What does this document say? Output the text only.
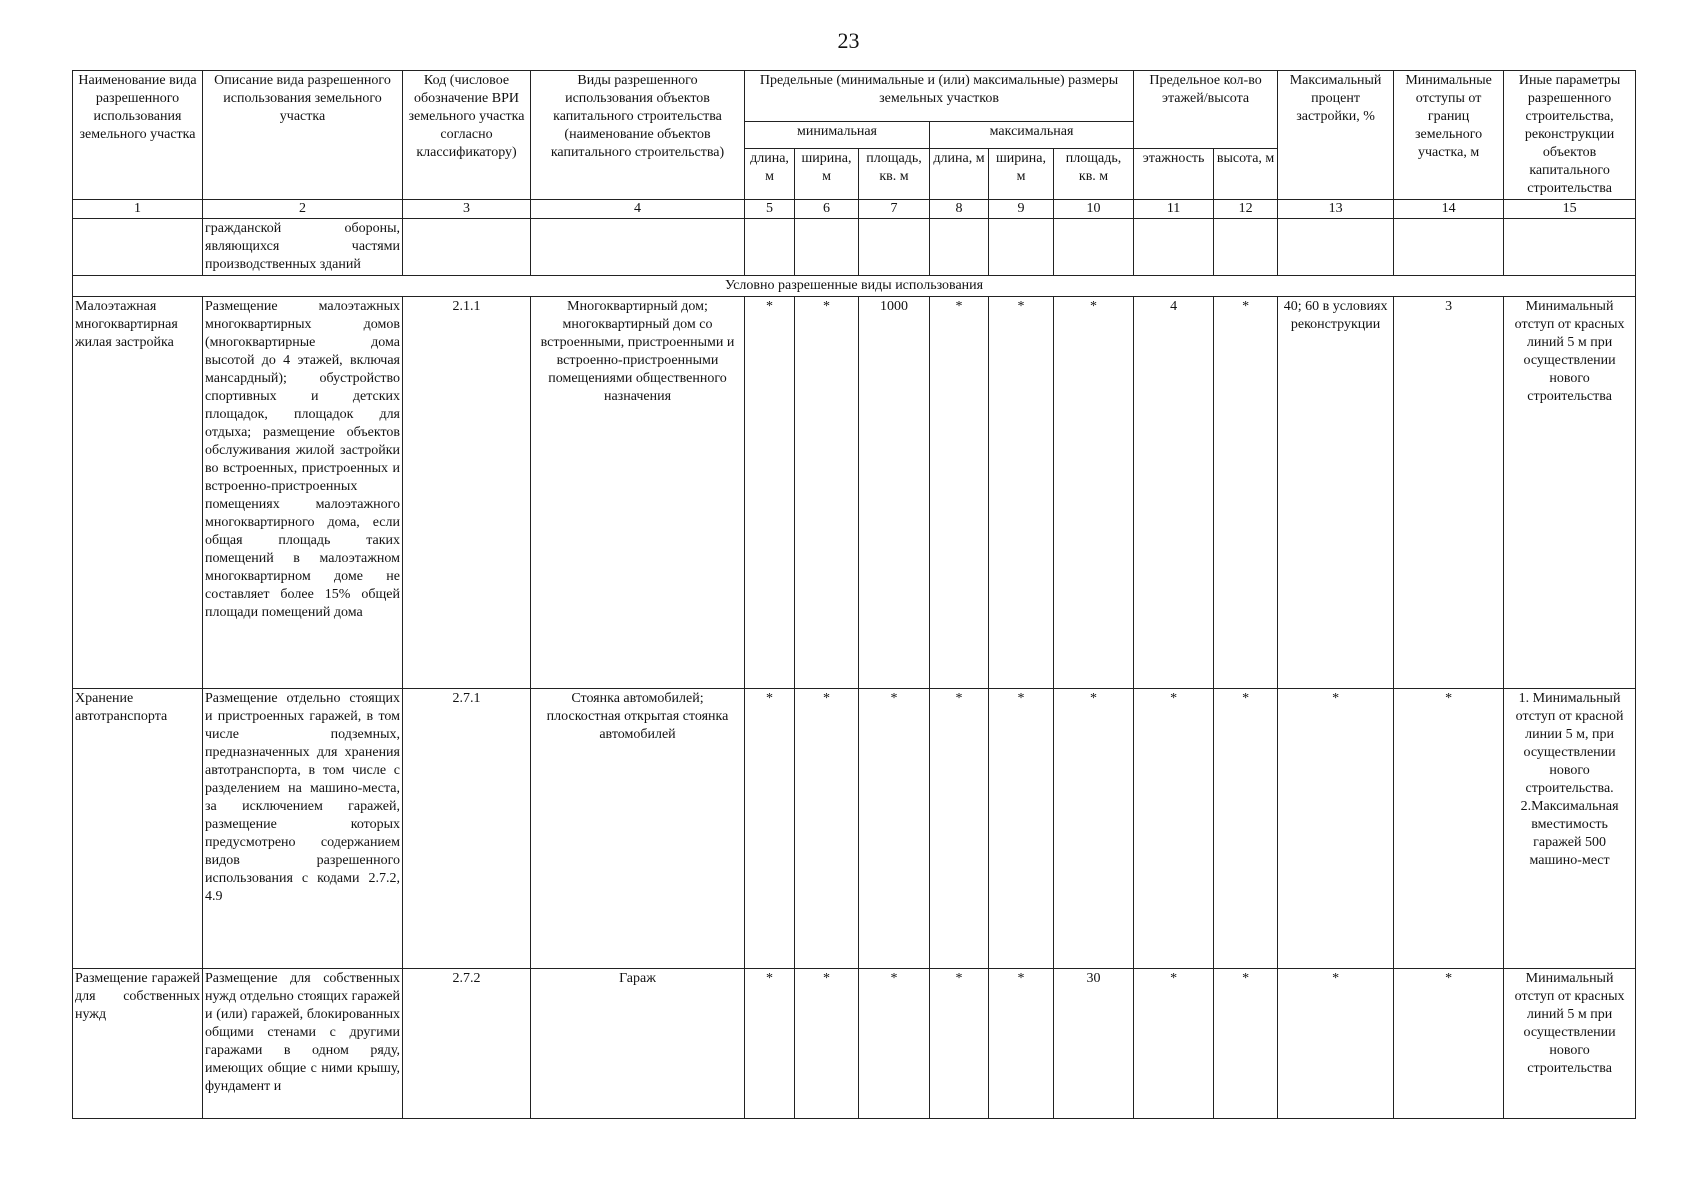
23
Наименование вида разрешенного использования земельного участка	Описание вида разрешенного использования земельного участка	Код (числовое обозначение ВРИ земельного участка согласно классификатору)	Виды разрешенного использования объектов капитального строительства (наименование объектов капитального строительства)	Предельные (минимальные и (или) максимальные) размеры земельных участков						Предельное кол-во этажей/высота		Максимальный процент застройки, %	Минимальные отступы от границ земельного участка, м	Иные параметры разрешенного строительства, реконструкции объектов капитального строительства
				минимальная			максимальная							
				длина, м	ширина, м	площадь, кв. м	длина, м	ширина, м	площадь, кв. м	этажность	высота, м			
1	2	3	4	5	6	7	8	9	10	11	12	13	14	15
	гражданской обороны, являющихся частями производственных зданий													
Условно разрешенные виды использования														
Малоэтажная многоквартирная жилая застройка	Размещение малоэтажных многоквартирных домов (многоквартирные дома высотой до 4 этажей, включая мансардный); обустройство спортивных и детских площадок, площадок для отдыха; размещение объектов обслуживания жилой застройки во встроенных, пристроенных и встроенно-пристроенных помещениях малоэтажного многоквартирного дома, если общая площадь таких помещений в малоэтажном многоквартирном доме не составляет более 15% общей площади помещений дома	2.1.1	Многоквартирный дом; многоквартирный дом со встроенными, пристроенными и встроенно-пристроенными помещениями общественного назначения	*	*	1000	*	*	*	4	*	40; 60 в условиях реконструкции	3	Минимальный отступ от красных линий 5 м при осуществлении нового строительства
Хранение автотранспорта	Размещение отдельно стоящих и пристроенных гаражей, в том числе подземных, предназначенных для хранения автотранспорта, в том числе с разделением на машино-места, за исключением гаражей, размещение которых предусмотрено содержанием видов разрешенного использования с кодами 2.7.2, 4.9	2.7.1	Стоянка автомобилей; плоскостная открытая стоянка автомобилей	*	*	*	*	*	*	*	*	*	*	1. Минимальный отступ от красной линии 5 м, при осуществлении нового строительства. 2.Максимальная вместимость гаражей 500 машино-мест
Размещение гаражей для собственных нужд	Размещение для собственных нужд отдельно стоящих гаражей и (или) гаражей, блокированных общими стенами с другими гаражами в одном ряду, имеющих общие с ними крышу, фундамент и	2.7.2	Гараж	*	*	*	*	*	30	*	*	*	*	Минимальный отступ от красных линий 5 м при осуществлении нового строительства
